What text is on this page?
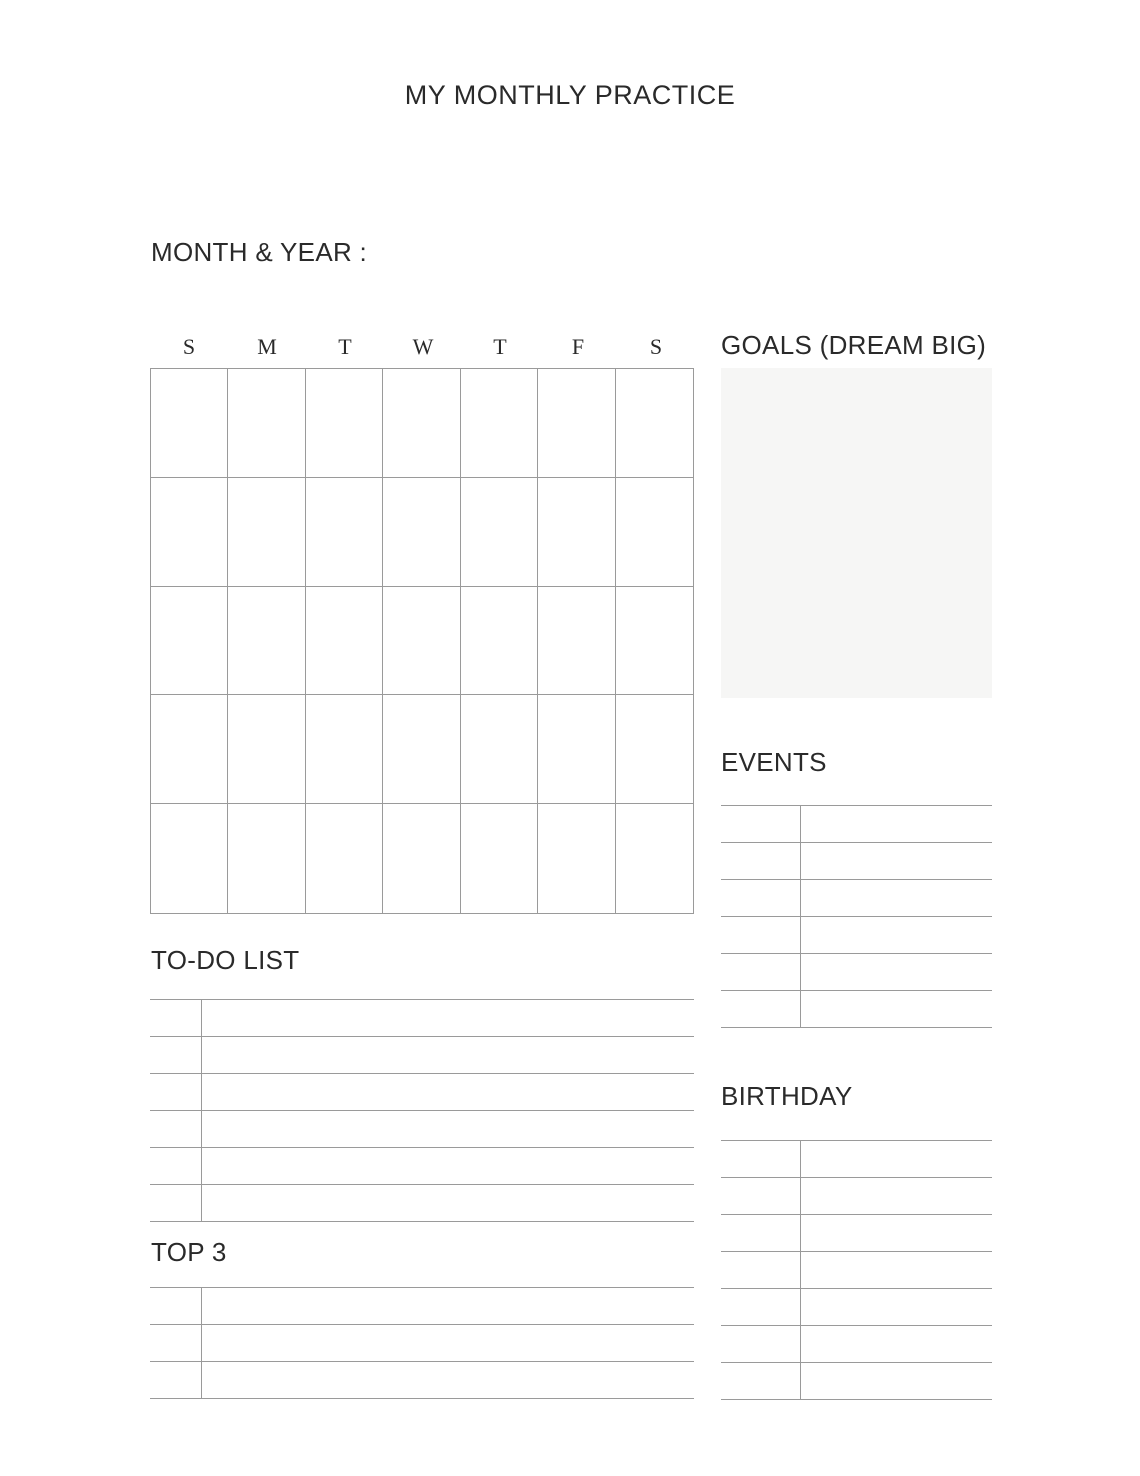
MY MONTHLY PRACTICE
MONTH & YEAR :
S	M	T	W	T	F	S	GOALS (DREAM BIG)
EVENTS
TO-DO LIST
BIRTHDAY
TOP 3
